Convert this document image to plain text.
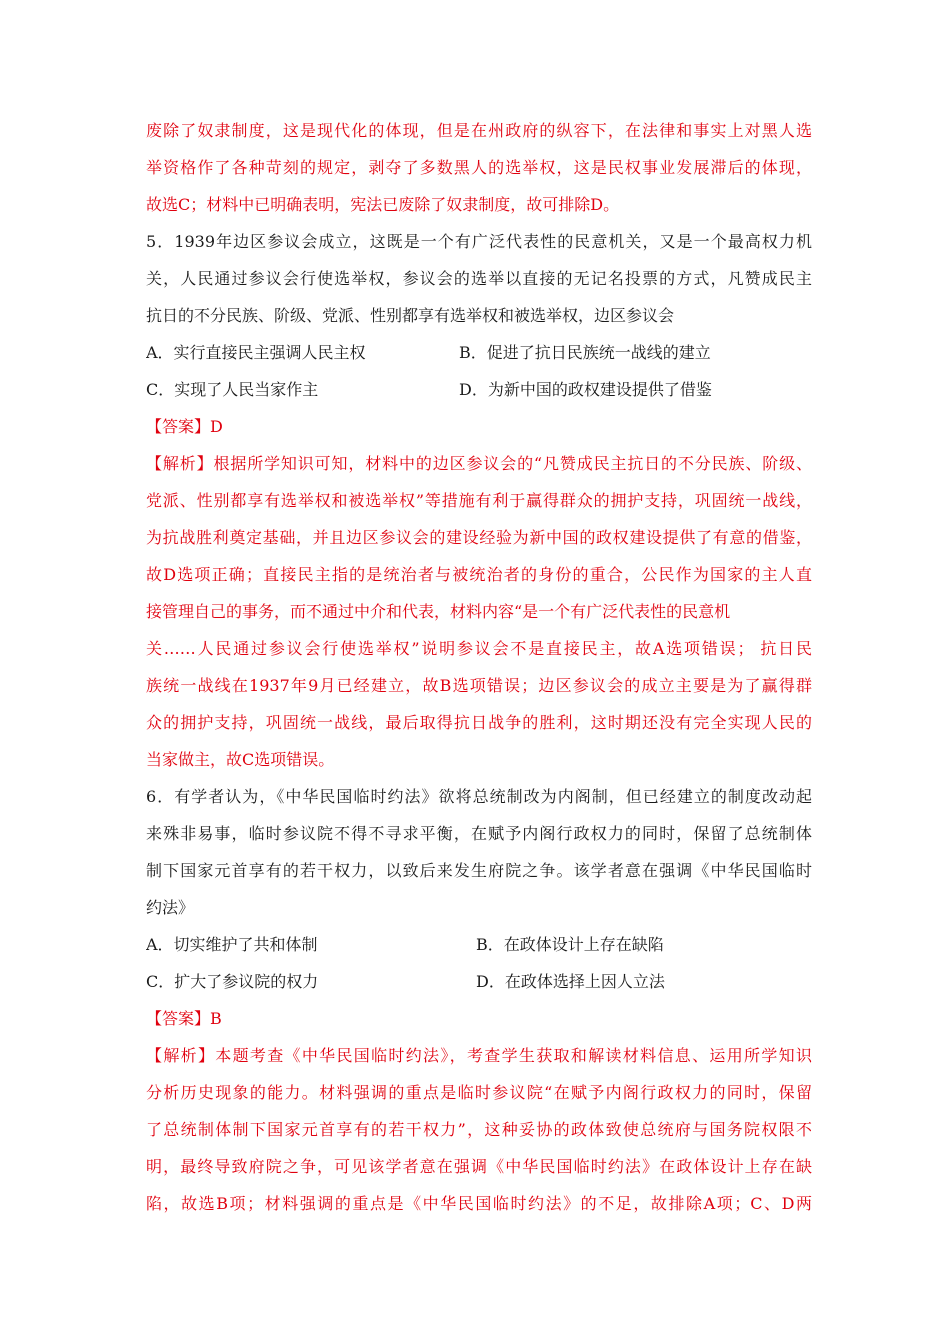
废除了奴隶制度，这是现代化的体现，但是在州政府的纵容下，在法律和事实上对黑人选
举资格作了各种苛刻的规定，剥夺了多数黑人的选举权，这是民权事业发展滞后的体现，
故选C；材料中已明确表明，宪法已废除了奴隶制度，故可排除D。
5．1939年边区参议会成立，这既是一个有广泛代表性的民意机关，又是一个最高权力机
关，人民通过参议会行使选举权，参议会的选举以直接的无记名投票的方式，凡赞成民主
抗日的不分民族、阶级、党派、性别都享有选举权和被选举权，边区参议会
A．实行直接民主强调人民主权	B．促进了抗日民族统一战线的建立
C．实现了人民当家作主	D．为新中国的政权建设提供了借鉴
【答案】D
【解析】根据所学知识可知，材料中的边区参议会的“凡赞成民主抗日的不分民族、阶级、
党派、性别都享有选举权和被选举权”等措施有利于赢得群众的拥护支持，巩固统一战线，
为抗战胜利奠定基础，并且边区参议会的建设经验为新中国的政权建设提供了有意的借鉴，
故D选项正确；直接民主指的是统治者与被统治者的身份的重合，公民作为国家的主人直
接管理自己的事务，而不通过中介和代表，材料内容“是一个有广泛代表性的民意机
关……人民通过参议会行使选举权”说明参议会不是直接民主，故A选项错误； 抗日民
族统一战线在1937年9月已经建立，故B选项错误；边区参议会的成立主要是为了赢得群
众的拥护支持，巩固统一战线，最后取得抗日战争的胜利，这时期还没有完全实现人民的
当家做主，故C选项错误。
6．有学者认为，《中华民国临时约法》欲将总统制改为内阁制，但已经建立的制度改动起
来殊非易事，临时参议院不得不寻求平衡，在赋予内阁行政权力的同时，保留了总统制体
制下国家元首享有的若干权力，以致后来发生府院之争。该学者意在强调《中华民国临时
约法》
A．切实维护了共和体制	B．在政体设计上存在缺陷
C．扩大了参议院的权力	D．在政体选择上因人立法
【答案】B
【解析】本题考查《中华民国临时约法》，考查学生获取和解读材料信息、运用所学知识
分析历史现象的能力。材料强调的重点是临时参议院“在赋予内阁行政权力的同时，保留
了总统制体制下国家元首享有的若干权力”，这种妥协的政体致使总统府与国务院权限不
明，最终导致府院之争，可见该学者意在强调《中华民国临时约法》在政体设计上存在缺
陷，故选B项；材料强调的重点是《中华民国临时约法》的不足，故排除A项；C、D两
